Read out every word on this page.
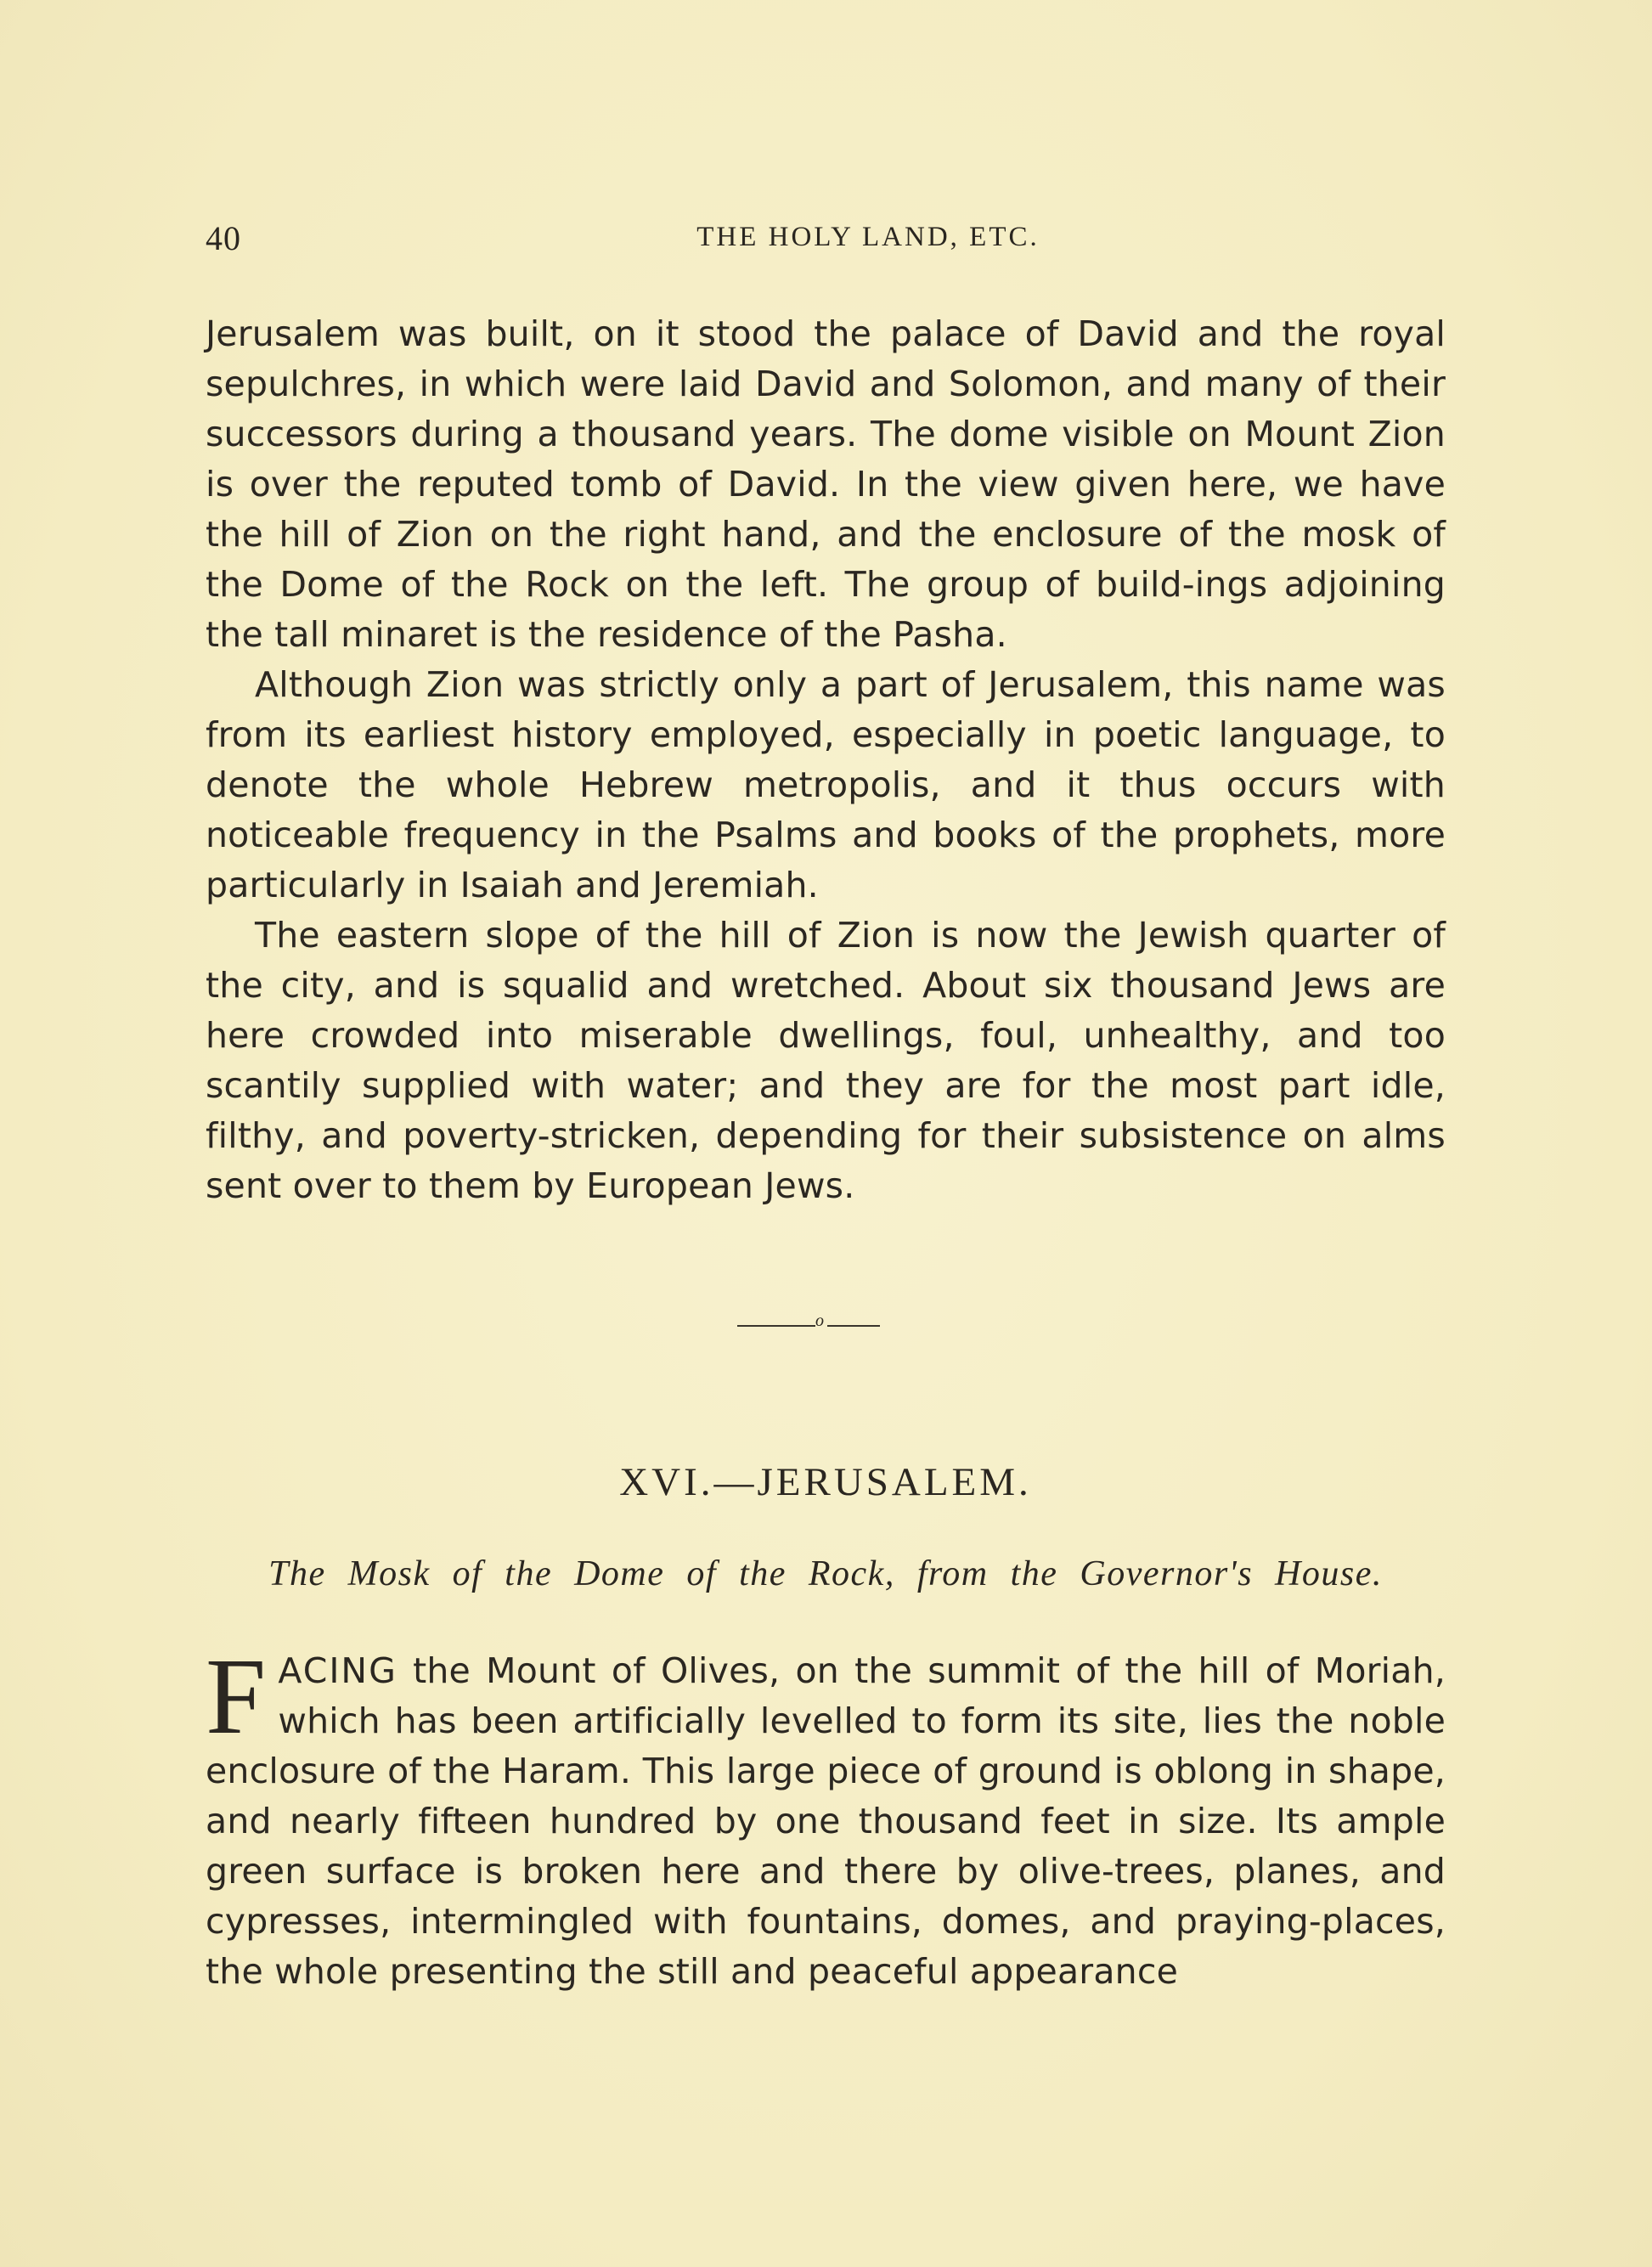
40	THE HOLY LAND, ETC.

Jerusalem was built, on it stood the palace of David and the royal sepulchres, in which were laid David and Solomon, and many of their successors during a thousand years. The dome visible on Mount Zion is over the reputed tomb of David. In the view given here, we have the hill of Zion on the right hand, and the enclosure of the mosk of the Dome of the Rock on the left. The group of build-ings adjoining the tall minaret is the residence of the Pasha.

Although Zion was strictly only a part of Jerusalem, this name was from its earliest history employed, especially in poetic language, to denote the whole Hebrew metropolis, and it thus occurs with noticeable frequency in the Psalms and books of the prophets, more particularly in Isaiah and Jeremiah.

The eastern slope of the hill of Zion is now the Jewish quarter of the city, and is squalid and wretched. About six thousand Jews are here crowded into miserable dwellings, foul, unhealthy, and too scantily supplied with water; and they are for the most part idle, filthy, and poverty-stricken, depending for their subsistence on alms sent over to them by European Jews.

o
XVI.—JERUSALEM.
The Mosk of the Dome of the Rock, from the Governor's House.

FACING the Mount of Olives, on the summit of the hill of Moriah, which has been artificially levelled to form its site, lies the noble enclosure of the Haram. This large piece of ground is oblong in shape, and nearly fifteen hundred by one thousand feet in size. Its ample green surface is broken here and there by olive-trees, planes, and cypresses, intermingled with fountains, domes, and praying-places, the whole presenting the still and peaceful appearance
